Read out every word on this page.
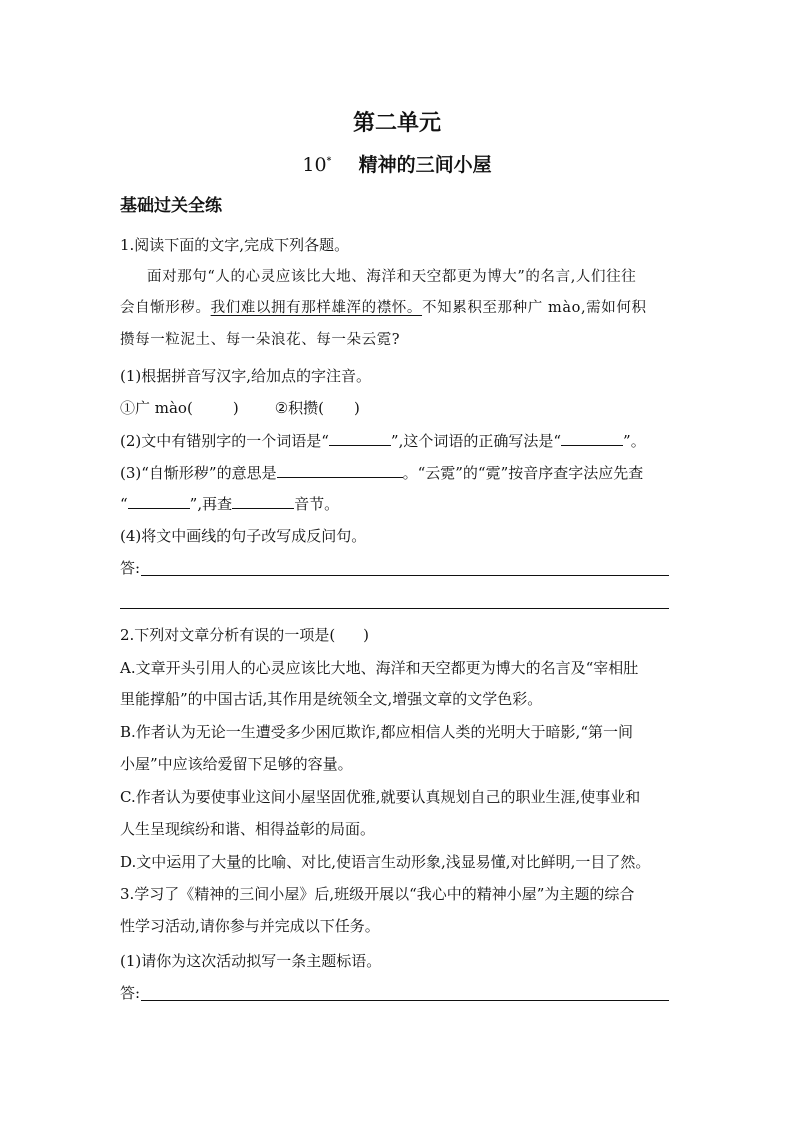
第二单元
10* 精神的三间小屋
基础过关全练
1.阅读下面的文字,完成下列各题。
面对那句“人的心灵应该比大地、海洋和天空都更为博大”的名言,人们往往
会自惭形秽。我们难以拥有那样雄浑的襟怀。不知累积至那种广 mào,需如何积
攒每一粒泥土、每一朵浪花、每一朵云霓?
(1)根据拼音写汉字,给加点的字注音。
①广 mào(	) ②积攒( )
(2)文中有错别字的一个词语是“	”,这个词语的正确写法是“	”。
(3)“自惭形秽”的意思是	。“云霓”的“霓”按音序查字法应先查
“	”,再查	音节。
(4)将文中画线的句子改写成反问句。
答:
2.下列对文章分析有误的一项是( )
A.文章开头引用人的心灵应该比大地、海洋和天空都更为博大的名言及“宰相肚
里能撑船”的中国古话,其作用是统领全文,增强文章的文学色彩。
B.作者认为无论一生遭受多少困厄欺诈,都应相信人类的光明大于暗影,“第一间
小屋”中应该给爱留下足够的容量。
C.作者认为要使事业这间小屋坚固优雅,就要认真规划自己的职业生涯,使事业和
人生呈现缤纷和谐、相得益彰的局面。
D.文中运用了大量的比喻、对比,使语言生动形象,浅显易懂,对比鲜明,一目了然。
3.学习了《精神的三间小屋》后,班级开展以“我心中的精神小屋”为主题的综合
性学习活动,请你参与并完成以下任务。
(1)请你为这次活动拟写一条主题标语。
答:
